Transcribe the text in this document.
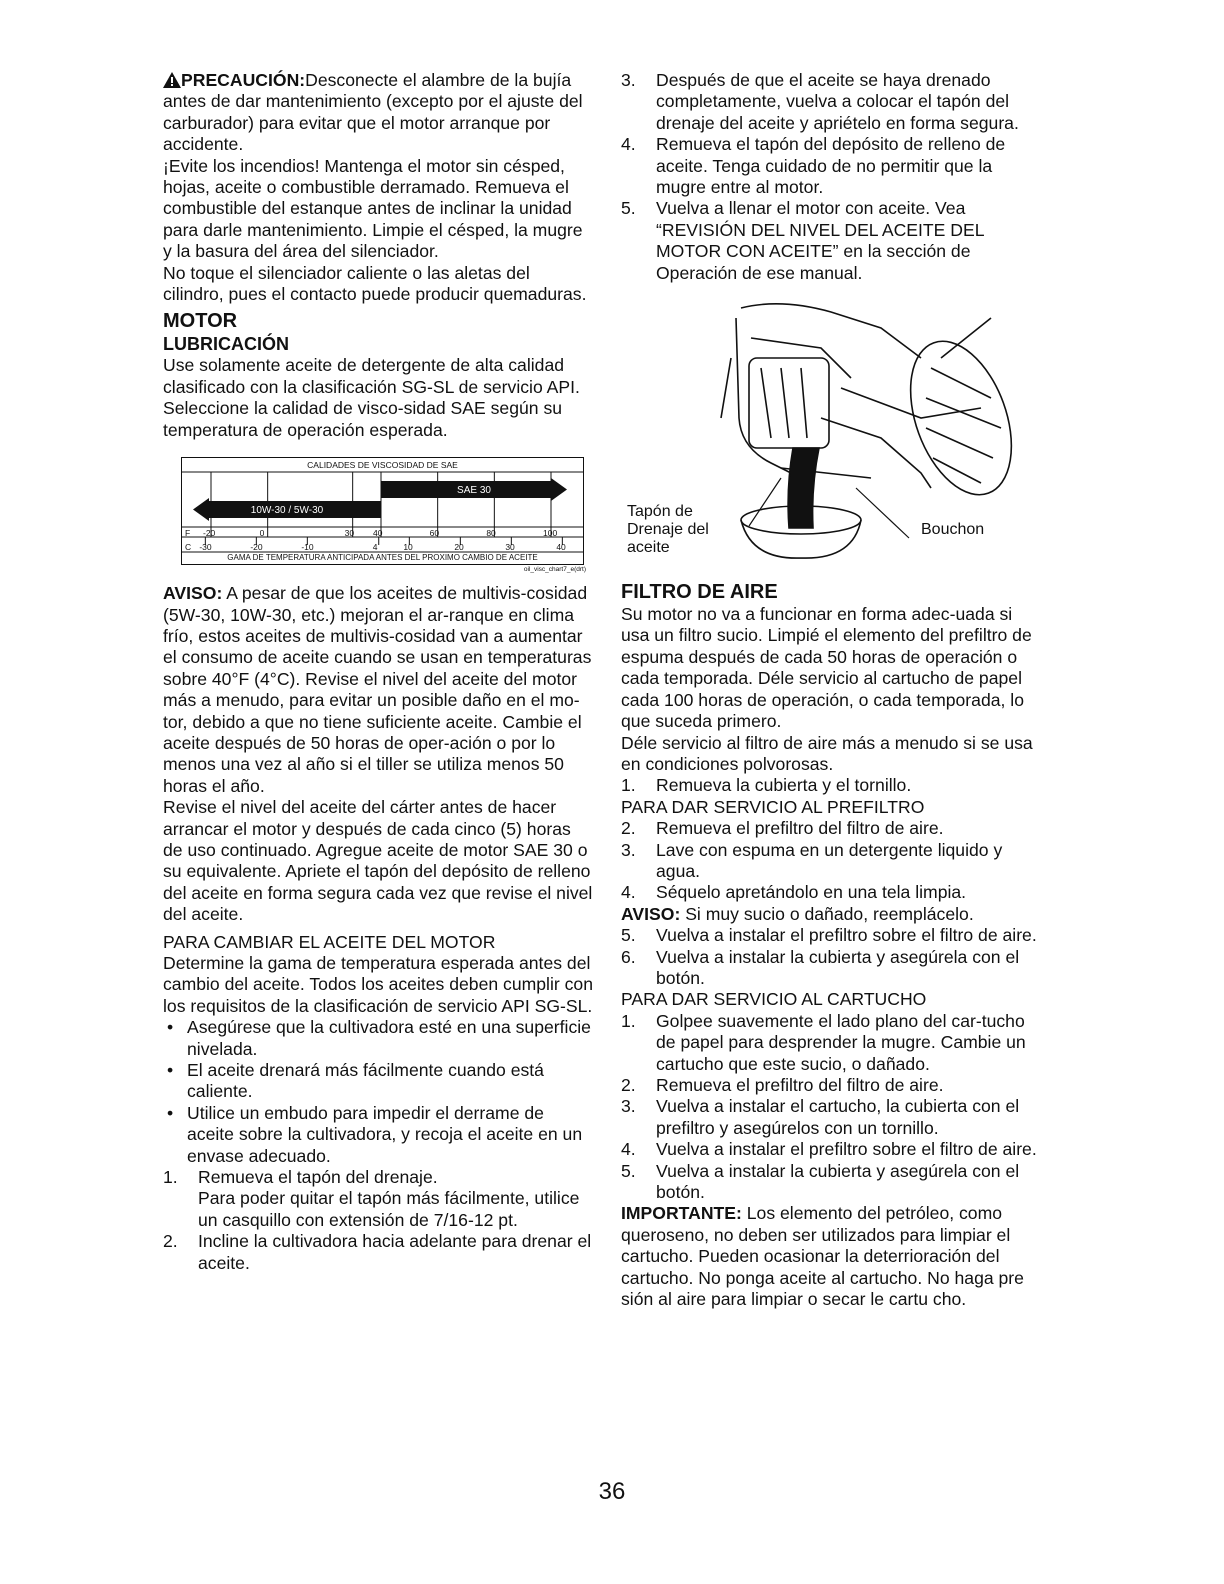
PRECAUCIÓN:Desconecte el alambre de la bujía antes de dar mantenimiento (excepto por el ajuste del carburador) para evitar que el motor arranque por accidente.

¡Evite los incendios! Mantenga el motor sin césped, hojas, aceite o combustible derramado. Remueva el combustible del estanque antes de inclinar la unidad para darle mantenimiento. Limpie el césped, la mugre y la basura del área del silenciador.

No toque el silenciador caliente o las aletas del cilindro, pues el contacto puede producir quemaduras.

MOTOR
LUBRICACIÓN

Use solamente aceite de detergente de alta calidad clasificado con la clasificación SG-SL de servicio API. Seleccione la calidad de visco-sidad SAE según su temperatura de operación esperada.

10W-30 / 5W-30
SAE 30
CALIDADES DE VISCOSIDAD DE SAE
F
C
-20	0	30 40	60	80	100
-30	-20	-10	4	10	20	30	40
GAMA DE TEMPERATURA ANTICIPADA ANTES DEL PROXIMO CAMBIO DE ACEITE
oil_visc_chart7_e(drt)

AVISO: A pesar de que los aceites de multivis-cosidad (5W-30, 10W-30, etc.) mejoran el ar-ranque en clima frío, estos aceites de multivis-cosidad van a aumentar el consumo de aceite cuando se usan en temperaturas sobre 40°F (4°C). Revise el nivel del aceite del motor más a menudo, para evitar un posible daño en el mo-tor, debido a que no tiene suficiente aceite. Cambie el aceite después de 50 horas de oper-ación o por lo menos una vez al año si el tiller se utiliza menos 50 horas el año.

Revise el nivel del aceite del cárter antes de hacer arrancar el motor y después de cada cinco (5) horas de uso continuado. Agregue aceite de motor SAE 30 o su equivalente. Apriete el tapón del depósito de relleno del aceite en forma segura cada vez que revise el nivel del aceite.

PARA CAMBIAR EL ACEITE DEL MOTOR

Determine la gama de temperatura esperada antes del cambio del aceite. Todos los aceites deben cumplir con los requisitos de la clasificación de servicio API SG-SL.

• Asegúrese que la cultivadora esté en una superficie nivelada.
• El aceite drenará más fácilmente cuando está caliente.
• Utilice un embudo para impedir el derrame de aceite sobre la cultivadora, y recoja el aceite en un envase adecuado.
1. Remueva el tapón del drenaje.
Para poder quitar el tapón más fácilmente, utilice un casquillo con extensión de 7/16-12 pt.
2. Incline la cultivadora hacia adelante para drenar el aceite.
3. Después de que el aceite se haya drenado completamente, vuelva a colocar el tapón del drenaje del aceite y apriételo en forma segura.
4. Remueva el tapón del depósito de relleno de aceite. Tenga cuidado de no permitir que la mugre entre al motor.
5. Vuelva a llenar el motor con aceite. Vea “REVISIÓN DEL NIVEL DEL ACEITE DEL MOTOR CON ACEITE” en la sección de Operación de ese manual.
Tapón de
Drenaje del
aceite
Bouchon
FILTRO DE AIRE

Su motor no va a funcionar en forma adec-uada si usa un filtro sucio. Limpié el elemento del prefiltro de espuma después de cada 50 horas de operación o cada temporada. Déle servicio al cartucho de papel cada 100 horas de operación, o cada temporada, lo que suceda primero.

Déle servicio al filtro de aire más a menudo si se usa en condiciones polvorosas.

1. Remueva la cubierta y el tornillo.

PARA DAR SERVICIO AL PREFILTRO

2. Remueva el prefiltro del filtro de aire.
3. Lave con espuma en un detergente liquido y agua.
4. Séquelo apretándolo en una tela limpia.

AVISO: Si muy sucio o dañado, reemplácelo.

5. Vuelva a instalar el prefiltro sobre el filtro de aire.
6. Vuelva a instalar la cubierta y asegúrela con el botón.

PARA DAR SERVICIO AL CARTUCHO

1. Golpee suavemente el lado plano del car-tucho de papel para desprender la mugre. Cambie un cartucho que este sucio, o dañado.
2. Remueva el prefiltro del filtro de aire.
3. Vuelva a instalar el cartucho, la cubierta con el prefiltro y asegúrelos con un tornillo.
4. Vuelva a instalar el prefiltro sobre el filtro de aire.
5. Vuelva a instalar la cubierta y asegúrela con el botón.

IMPORTANTE: Los elemento del petróleo, como queroseno, no deben ser utilizados para limpiar el cartucho. Pueden ocasionar la deterrioración del cartucho. No ponga aceite al cartucho. No haga pre sión al aire para limpiar o secar le cartu cho.

36
